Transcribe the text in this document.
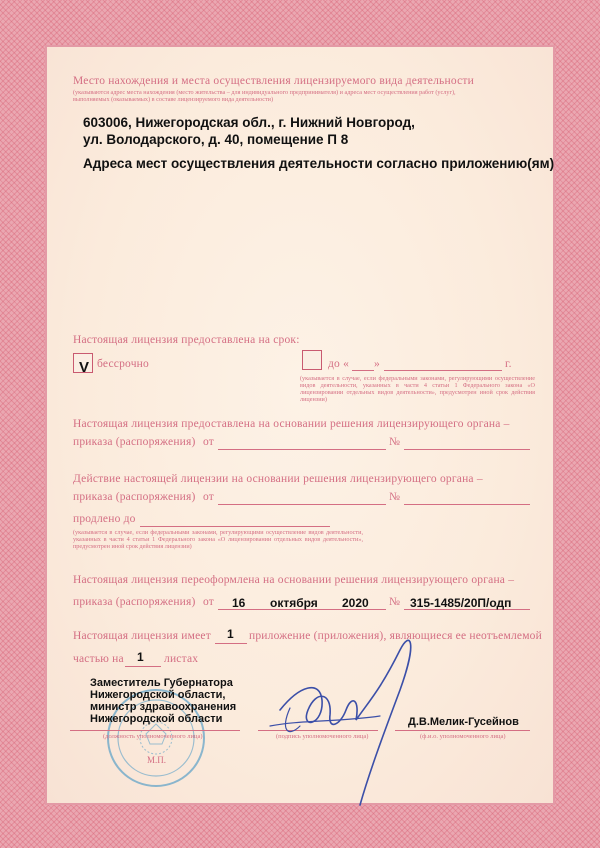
Место нахождения и места осуществления лицензируемого вида деятельности
(указываются адрес места нахождения (место жительства – для индивидуального предпринимателя) и адреса мест осуществления работ (услуг),
выполняемых (оказываемых) в составе лицензируемого вида деятельности)
603006, Нижегородская обл., г. Нижний Новгород,
ул. Володарского, д. 40, помещение П 8
Адреса мест осуществления деятельности согласно приложению(ям)
Настоящая лицензия предоставлена на срок:
V бессрочно	до « »	г.
(указывается в случае, если федеральными законами, регулирующими осуществление видов деятельности, указанных в части 4 статьи 1 Федерального закона «О лицензировании отдельных видов деятельности», предусмотрен иной срок действия лицензии)
Настоящая лицензия предоставлена на основании решения лицензирующего органа –
приказа (распоряжения) от	№
Действие настоящей лицензии на основании решения лицензирующего органа –
приказа (распоряжения) от	№
продлено до
(указывается в случае, если федеральными законами, регулирующими осуществление видов деятельности, указанных в части 4 статьи 1 Федерального закона «О лицензировании отдельных видов деятельности», предусмотрен иной срок действия лицензии)
Настоящая лицензия переоформлена на основании решения лицензирующего органа –
приказа (распоряжения) от 16 октября 2020 № 315-1485/20П/одп
Настоящая лицензия имеет 1 приложение (приложения), являющиеся ее неотъемлемой
частью на 1 листах
Заместитель Губернатора
Нижегородской области,
министр здравоохранения
Нижегородской области
(должность уполномоченного лица)	(подпись уполномоченного лица)
Д.В.Мелик-Гусейнов
(ф.и.о. уполномоченного лица)
М.П.
